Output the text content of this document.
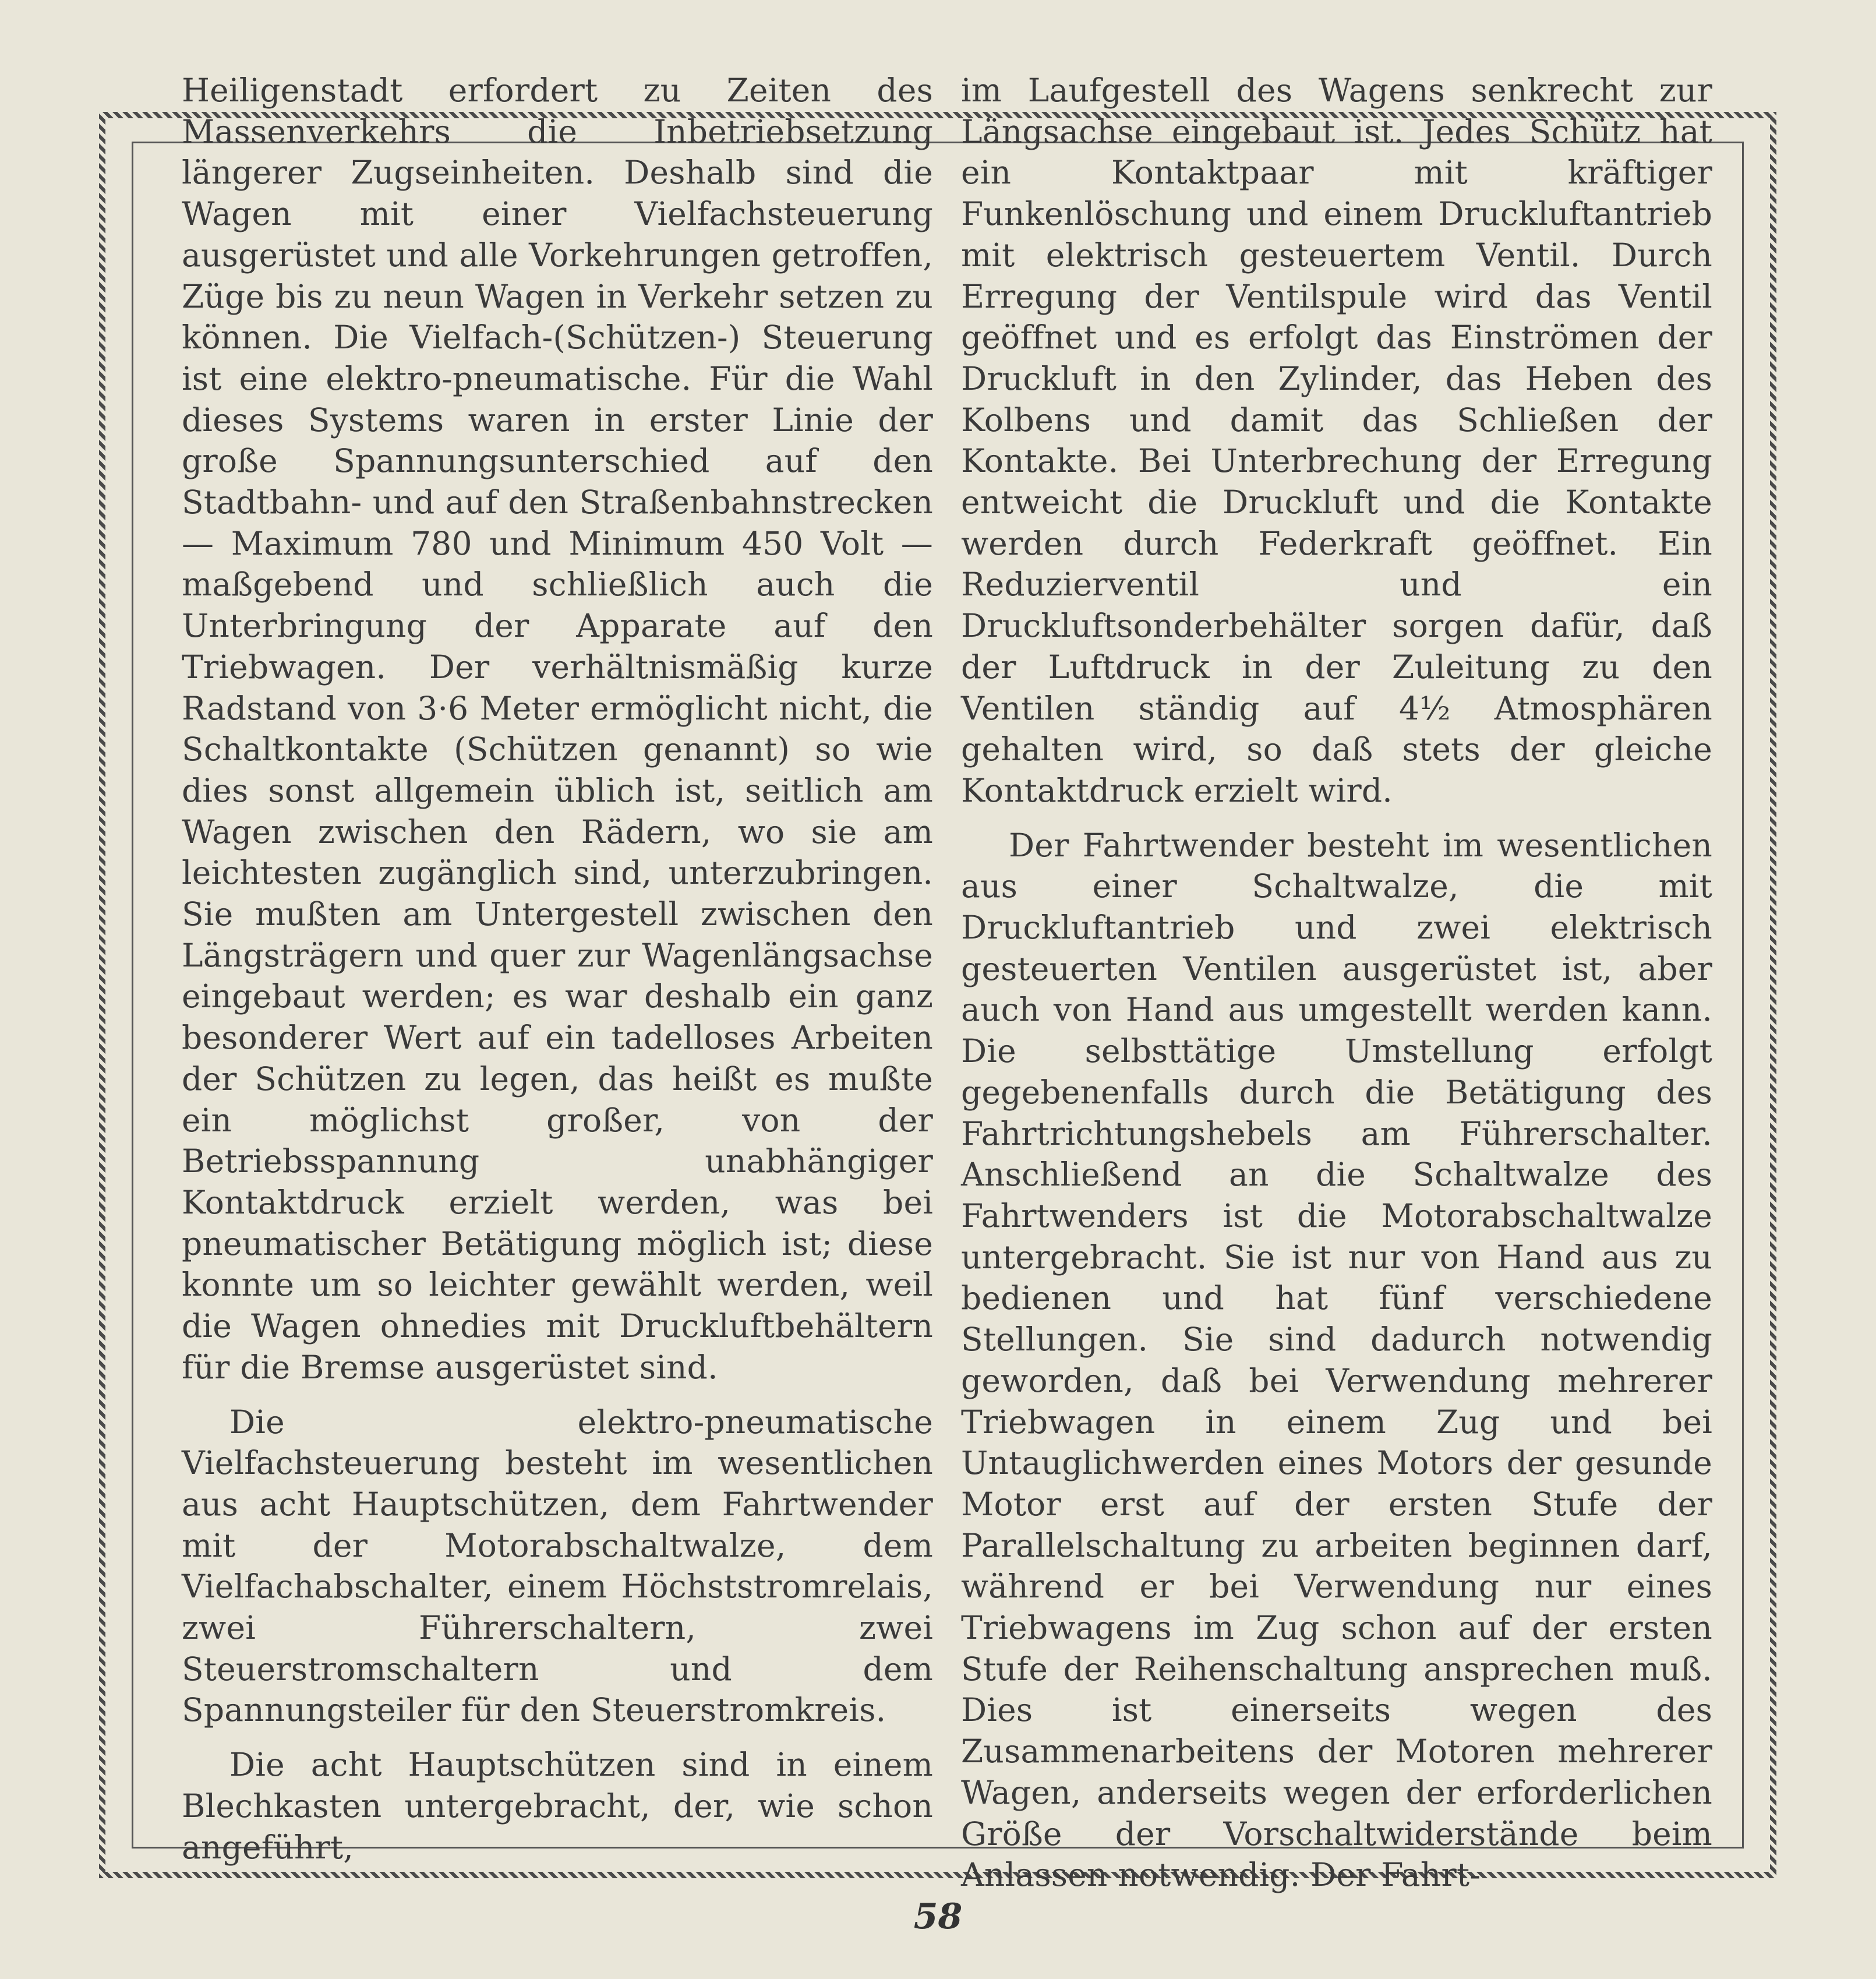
Heiligenstadt erfordert zu Zeiten des Massenverkehrs die Inbetriebsetzung längerer Zugseinheiten. Deshalb sind die Wagen mit einer Vielfachsteuerung ausgerüstet und alle Vorkehrungen getroffen, Züge bis zu neun Wagen in Verkehr setzen zu können. Die Vielfach-(Schützen-) Steuerung ist eine elektro-pneumatische. Für die Wahl dieses Systems waren in erster Linie der große Spannungsunterschied auf den Stadtbahn- und auf den Straßenbahnstrecken — Maximum 780 und Minimum 450 Volt — maßgebend und schließlich auch die Unterbringung der Apparate auf den Triebwagen. Der verhältnismäßig kurze Radstand von 3·6 Meter ermöglicht nicht, die Schaltkontakte (Schützen genannt) so wie dies sonst allgemein üblich ist, seitlich am Wagen zwischen den Rädern, wo sie am leichtesten zugänglich sind, unterzubringen. Sie mußten am Untergestell zwischen den Längsträgern und quer zur Wagenlängsachse eingebaut werden; es war deshalb ein ganz besonderer Wert auf ein tadelloses Arbeiten der Schützen zu legen, das heißt es mußte ein möglichst großer, von der Betriebsspannung unabhängiger Kontaktdruck erzielt werden, was bei pneumatischer Betätigung möglich ist; diese konnte um so leichter gewählt werden, weil die Wagen ohnedies mit Druckluftbehältern für die Bremse ausgerüstet sind.

Die elektro-pneumatische Vielfachsteuerung besteht im wesentlichen aus acht Hauptschützen, dem Fahrtwender mit der Motorabschaltwalze, dem Vielfachabschalter, einem Höchststromrelais, zwei Führerschaltern, zwei Steuerstromschaltern und dem Spannungsteiler für den Steuerstromkreis.

Die acht Hauptschützen sind in einem Blechkasten untergebracht, der, wie schon angeführt,

im Laufgestell des Wagens senkrecht zur Längsachse eingebaut ist. Jedes Schütz hat ein Kontaktpaar mit kräftiger Funkenlöschung und einem Druckluftantrieb mit elektrisch gesteuertem Ventil. Durch Erregung der Ventilspule wird das Ventil geöffnet und es erfolgt das Einströmen der Druckluft in den Zylinder, das Heben des Kolbens und damit das Schließen der Kontakte. Bei Unterbrechung der Erregung entweicht die Druckluft und die Kontakte werden durch Federkraft geöffnet. Ein Reduzierventil und ein Druckluftsonderbehälter sorgen dafür, daß der Luftdruck in der Zuleitung zu den Ventilen ständig auf 4½ Atmosphären gehalten wird, so daß stets der gleiche Kontaktdruck erzielt wird.

Der Fahrtwender besteht im wesentlichen aus einer Schaltwalze, die mit Druckluftantrieb und zwei elektrisch gesteuerten Ventilen ausgerüstet ist, aber auch von Hand aus umgestellt werden kann. Die selbsttätige Umstellung erfolgt gegebenenfalls durch die Betätigung des Fahrtrichtungshebels am Führerschalter. Anschließend an die Schaltwalze des Fahrtwenders ist die Motorabschaltwalze untergebracht. Sie ist nur von Hand aus zu bedienen und hat fünf verschiedene Stellungen. Sie sind dadurch notwendig geworden, daß bei Verwendung mehrerer Triebwagen in einem Zug und bei Untauglichwerden eines Motors der gesunde Motor erst auf der ersten Stufe der Parallelschaltung zu arbeiten beginnen darf, während er bei Verwendung nur eines Triebwagens im Zug schon auf der ersten Stufe der Reihenschaltung ansprechen muß. Dies ist einerseits wegen des Zusammenarbeitens der Motoren mehrerer Wagen, anderseits wegen der erforderlichen Größe der Vorschaltwiderstände beim Anlassen notwendig. Der Fahrt-

58
